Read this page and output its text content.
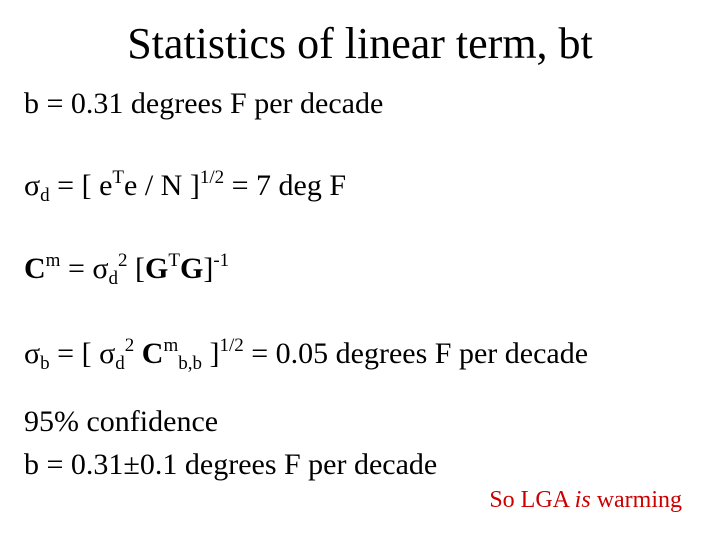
Statistics of linear term, bt
b = 0.31 degrees F per decade
$\sigma_d$ = [ $e^Te$ / N ]$^{1/2}$ = 7 deg F
$C^m = \sigma_d^2$ $[G^TG]^{-1}$
$\sigma_b$ = [ $\sigma_d^2$ $C^m_{b,b}$ ]$^{1/2}$ = 0.05 degrees F per decade
95% confidence
b = 0.31±0.1 degrees F per decade
So LGA is warming
